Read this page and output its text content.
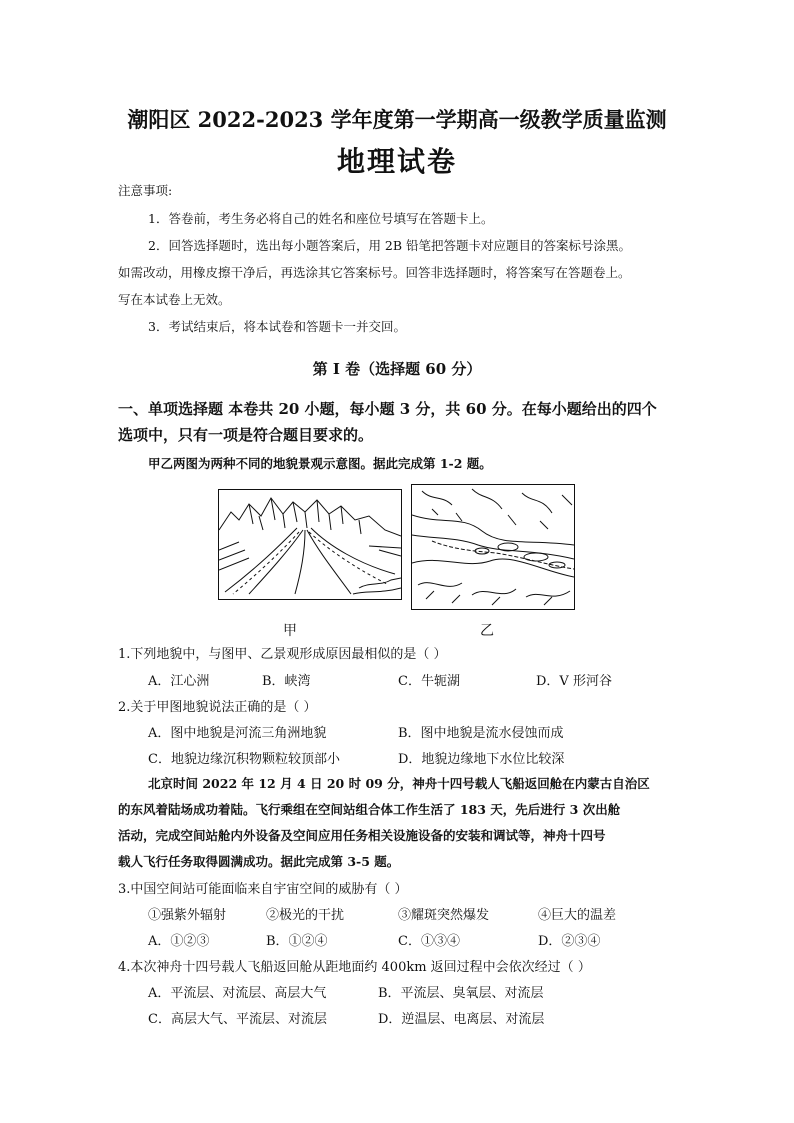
潮阳区 2022-2023 学年度第一学期高一级教学质量监测
地理试卷
注意事项:
1．答卷前，考生务必将自己的姓名和座位号填写在答题卡上。
2．回答选择题时，选出每小题答案后，用 2B 铅笔把答题卡对应题目的答案标号涂黑。
如需改动，用橡皮擦干净后，再选涂其它答案标号。回答非选择题时，将答案写在答题卷上。
写在本试卷上无效。
3．考试结束后，将本试卷和答题卡一并交回。
第 I 卷（选择题 60 分）
一、单项选择题 本卷共 20 小题，每小题 3 分，共 60 分。在每小题给出的四个
选项中，只有一项是符合题目要求的。
甲乙两图为两种不同的地貌景观示意图。据此完成第 1-2 题。
甲	乙
1.下列地貌中，与图甲、乙景观形成原因最相似的是（ ）
A．江心洲	B．峡湾	C．牛轭湖	D．V 形河谷
2.关于甲图地貌说法正确的是（ ）
A．图中地貌是河流三角洲地貌	B．图中地貌是流水侵蚀而成
C．地貌边缘沉积物颗粒较顶部小	D．地貌边缘地下水位比较深
北京时间 2022 年 12 月 4 日 20 时 09 分，神舟十四号载人飞船返回舱在内蒙古自治区
的东风着陆场成功着陆。飞行乘组在空间站组合体工作生活了 183 天，先后进行 3 次出舱
活动，完成空间站舱内外设备及空间应用任务相关设施设备的安装和调试等，神舟十四号
载人飞行任务取得圆满成功。据此完成第 3-5 题。
3.中国空间站可能面临来自宇宙空间的威胁有（ ）
①强紫外辐射	②极光的干扰	③耀斑突然爆发	④巨大的温差
A．①②③	B．①②④	C．①③④	D．②③④
4.本次神舟十四号载人飞船返回舱从距地面约 400km 返回过程中会依次经过（ ）
A．平流层、对流层、高层大气	B．平流层、臭氧层、对流层
C．高层大气、平流层、对流层	D．逆温层、电离层、对流层
